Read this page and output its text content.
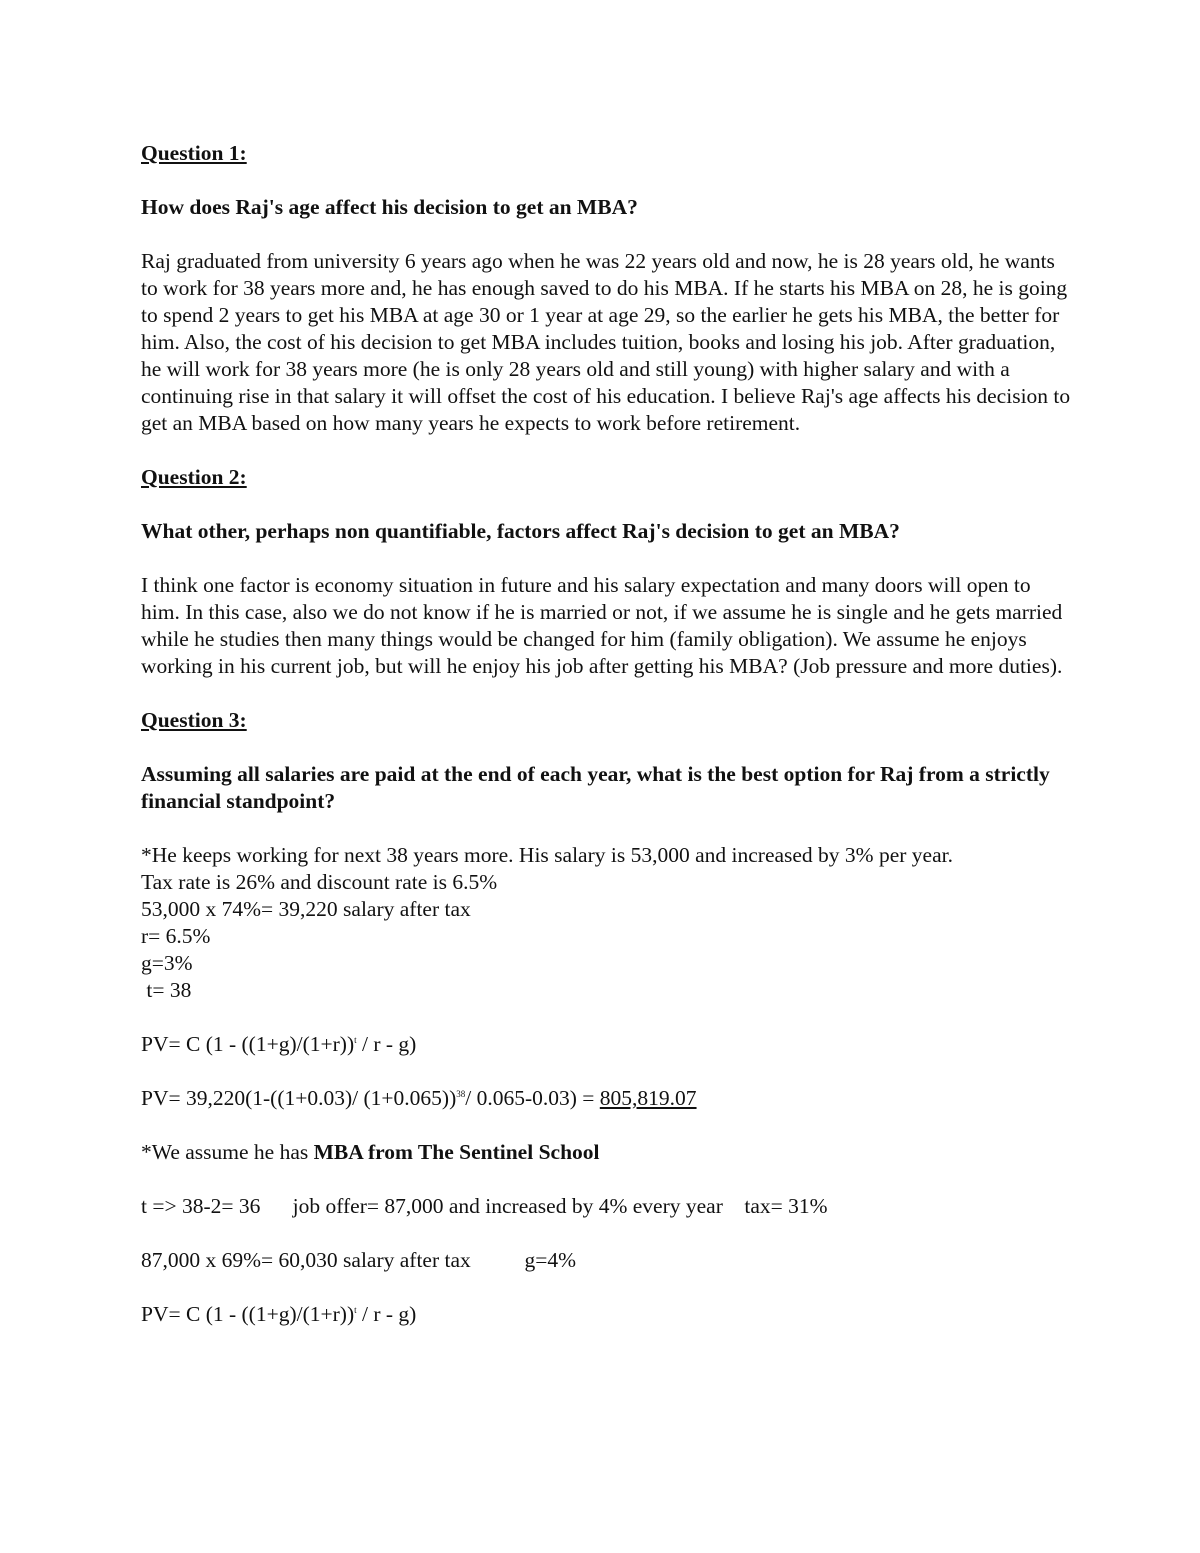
Question 1:

How does Raj's age affect his decision to get an MBA?

Raj graduated from university 6 years ago when he was 22 years old and now, he is 28 years old, he wants to work for 38 years more and, he has enough saved to do his MBA. If he starts his MBA on 28, he is going to spend 2 years to get his MBA at age 30 or 1 year at age 29, so the earlier he gets his MBA, the better for him. Also, the cost of his decision to get MBA includes tuition, books and losing his job. After graduation, he will work for 38 years more (he is only 28 years old and still young) with higher salary and with a continuing rise in that salary it will offset the cost of his education. I believe Raj's age affects his decision to get an MBA based on how many years he expects to work before retirement.

Question 2:

What other, perhaps non quantifiable, factors affect Raj's decision to get an MBA?

I think one factor is economy situation in future and his salary expectation and many doors will open to him. In this case, also we do not know if he is married or not, if we assume he is single and he gets married while he studies then many things would be changed for him (family obligation). We assume he enjoys working in his current job, but will he enjoy his job after getting his MBA? (Job pressure and more duties).

Question 3:

Assuming all salaries are paid at the end of each year, what is the best option for Raj from a strictly financial standpoint?

*He keeps working for next 38 years more. His salary is 53,000 and increased by 3% per year.

Tax rate is 26% and discount rate is 6.5%

53,000 x 74%= 39,220 salary after tax

r= 6.5%

g=3%

t= 38

PV= C $(1 - ((1+g)/(1+r))^t / r - g)$

PV= 39,220(1-((1+0.03)/ (1+0.065))$^{38}$/ 0.065-0.03) = 805,819.07

*We assume he has MBA from The Sentinel School

t => 38-2= 36      job offer= 87,000 and increased by 4% every year    tax= 31%

87,000 x 69%= 60,030 salary after tax          g=4%

PV= C $(1 - ((1+g)/(1+r))^t / r - g)$
